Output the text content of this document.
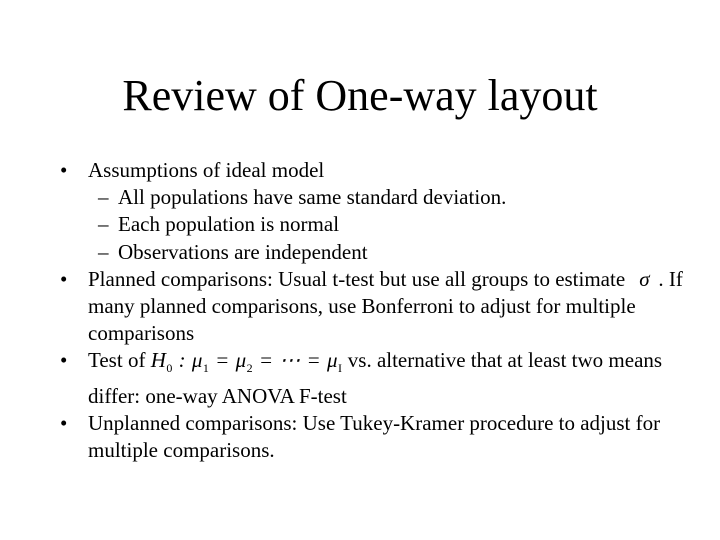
Review of One-way layout
• Assumptions of ideal model
– All populations have same standard deviation.
– Each population is normal
– Observations are independent
• Planned comparisons: Usual t-test but use all groups to estimate σ . If many planned comparisons, use Bonferroni to adjust for multiple comparisons
• Test of $H_0$ : $\mu_1 = \mu_2$ = ⋯ = $\mu_I$ vs. alternative that at least two means differ: one-way ANOVA F-test
• Unplanned comparisons: Use Tukey-Kramer procedure to adjust for multiple comparisons.
